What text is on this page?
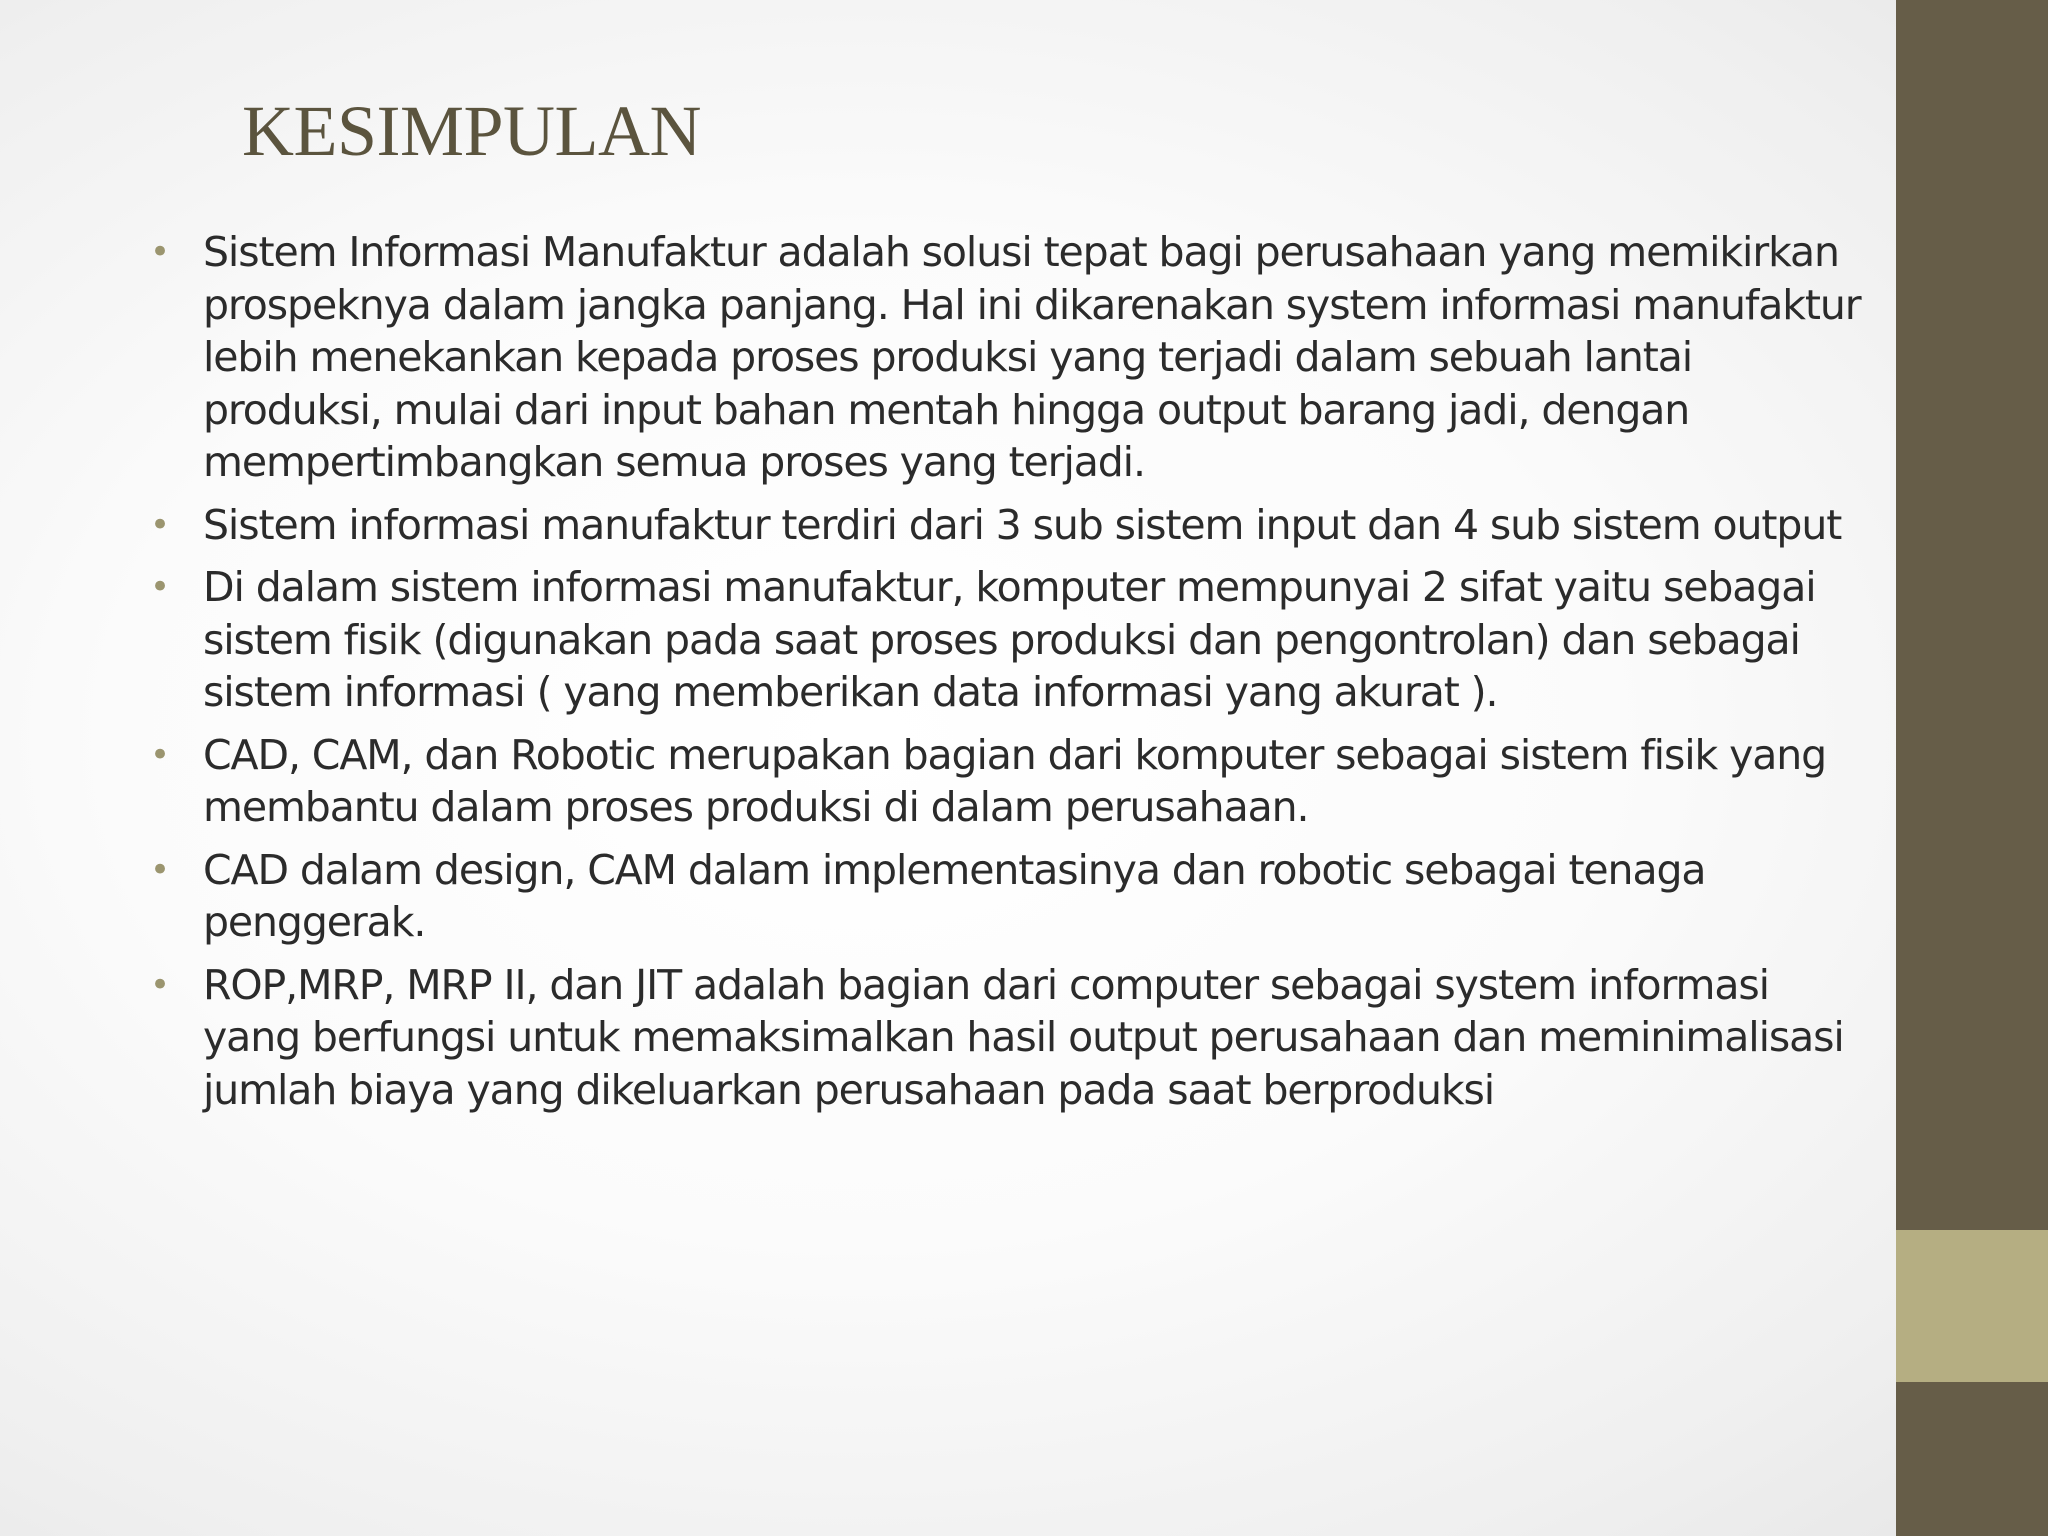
KESIMPULAN
• Sistem Informasi Manufaktur adalah solusi tepat bagi perusahaan yang memikirkan prospeknya dalam jangka panjang. Hal ini dikarenakan system informasi manufaktur lebih menekankan kepada proses produksi yang terjadi dalam sebuah lantai produksi, mulai dari input bahan mentah hingga output barang jadi, dengan mempertimbangkan semua proses yang terjadi.
• Sistem informasi manufaktur terdiri dari 3 sub sistem input dan 4 sub sistem output
• Di dalam sistem informasi manufaktur, komputer mempunyai 2 sifat yaitu sebagai sistem fisik (digunakan pada saat proses produksi dan pengontrolan) dan sebagai sistem informasi ( yang memberikan data informasi yang akurat ).
• CAD, CAM, dan Robotic merupakan bagian dari komputer sebagai sistem fisik yang membantu dalam proses produksi di dalam perusahaan.
• CAD dalam design, CAM dalam implementasinya dan robotic sebagai tenaga penggerak.
• ROP,MRP, MRP II, dan JIT adalah bagian dari computer sebagai system informasi yang berfungsi untuk memaksimalkan hasil output perusahaan dan meminimalisasi jumlah biaya yang dikeluarkan perusahaan pada saat berproduksi
